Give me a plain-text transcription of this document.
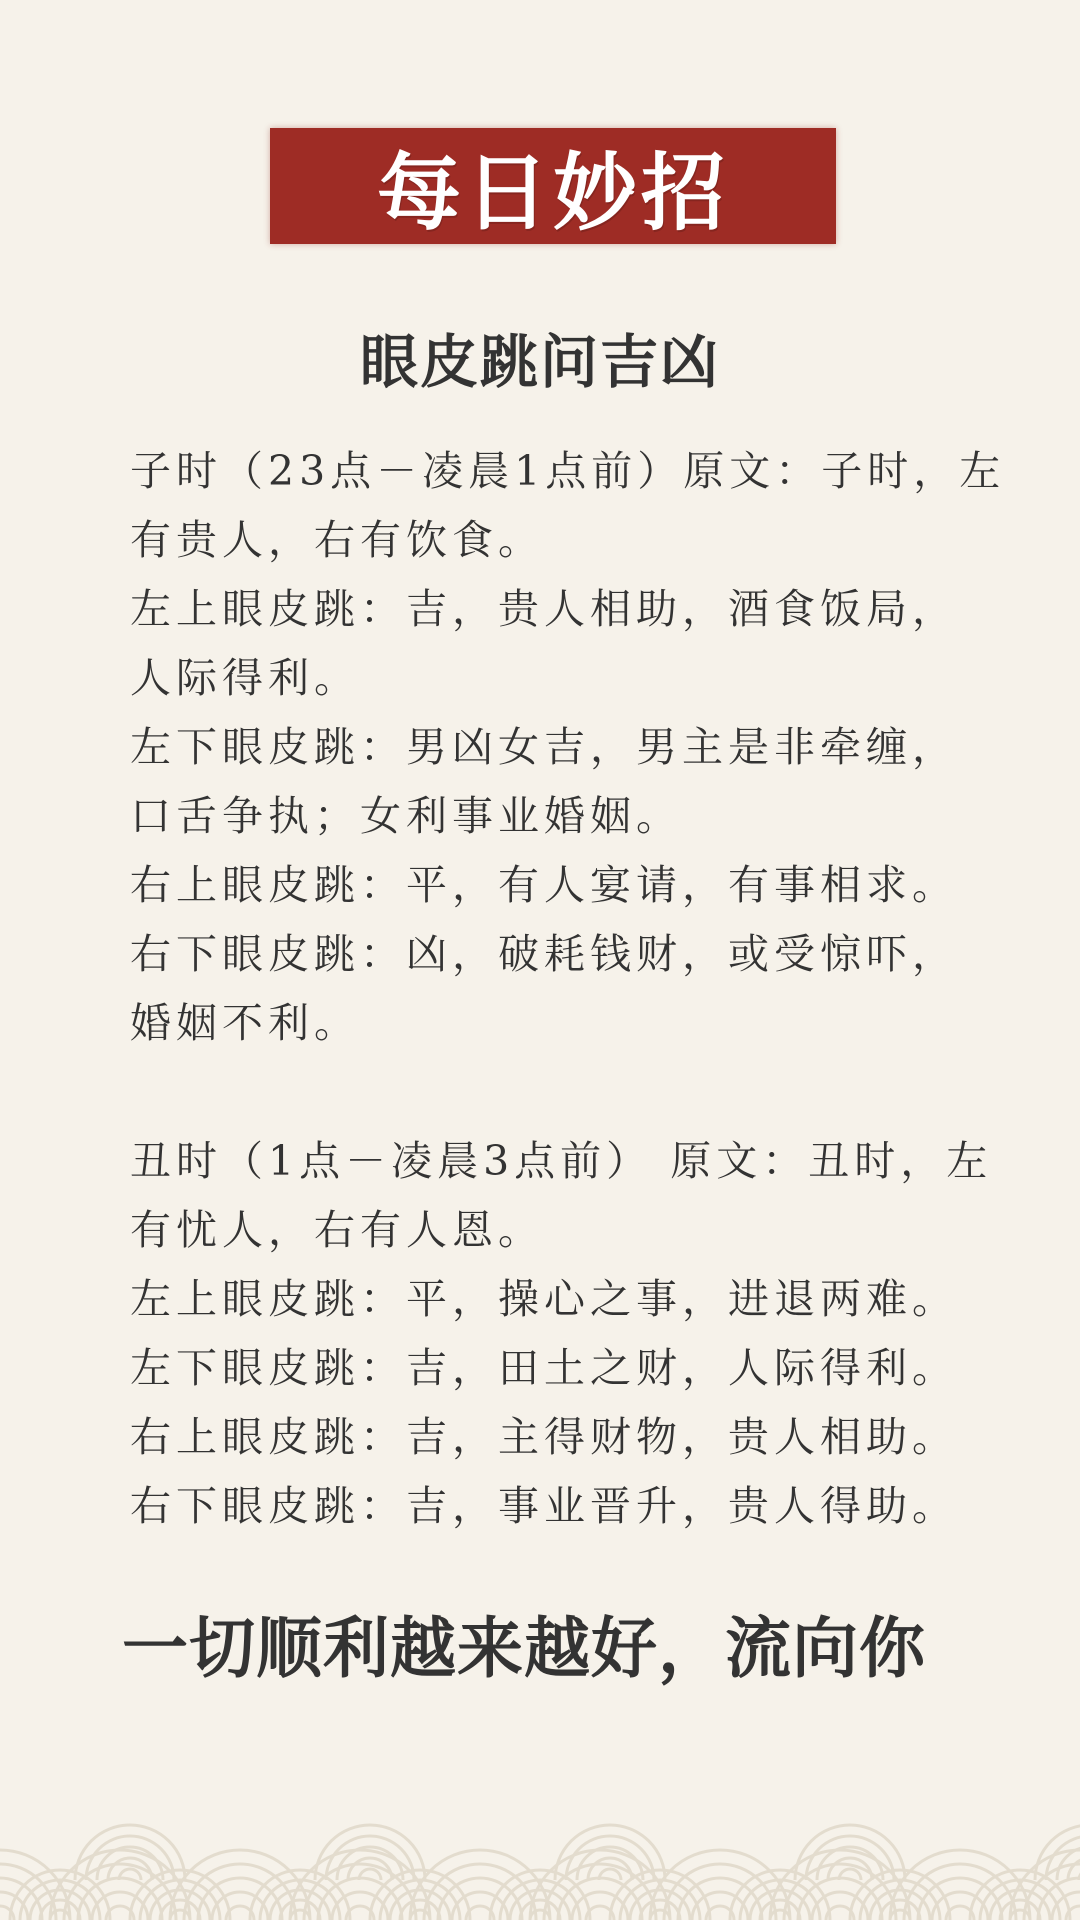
每日妙招
眼皮跳问吉凶
子时（23点－凌晨1点前）原文：子时，左
有贵人，右有饮食。
左上眼皮跳：吉，贵人相助，酒食饭局，
人际得利。
左下眼皮跳：男凶女吉，男主是非牵缠，
口舌争执；女利事业婚姻。
右上眼皮跳：平，有人宴请，有事相求。
右下眼皮跳：凶，破耗钱财，或受惊吓，
婚姻不利。
丑时（1点－凌晨3点前） 原文：丑时，左
有忧人，右有人恩。
左上眼皮跳：平，操心之事，进退两难。
左下眼皮跳：吉，田土之财，人际得利。
右上眼皮跳：吉，主得财物，贵人相助。
右下眼皮跳：吉，事业晋升，贵人得助。
一切顺利越来越好，流向你
